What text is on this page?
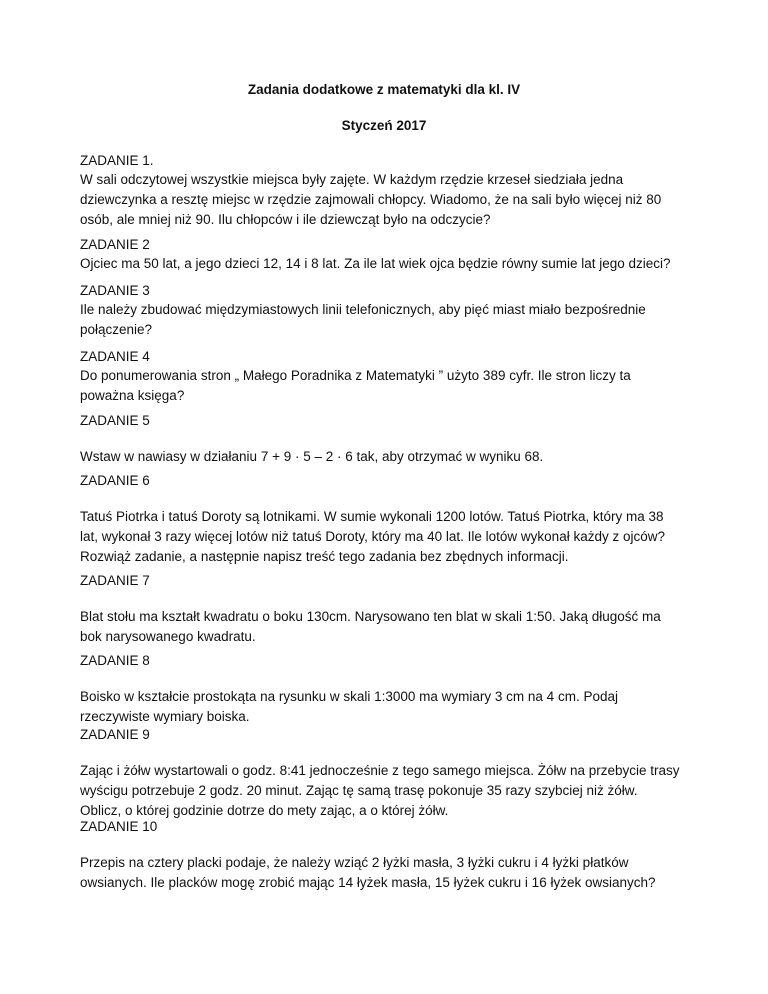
Zadania dodatkowe z matematyki dla kl. IV
Styczeń 2017
ZADANIE 1.
W sali odczytowej wszystkie miejsca były zajęte. W każdym rzędzie krzeseł siedziała jedna dziewczynka a resztę miejsc w rzędzie zajmowali chłopcy. Wiadomo, że na sali było więcej niż 80 osób, ale mniej niż 90. Ilu chłopców i ile dziewcząt było na odczycie?
ZADANIE 2
Ojciec ma 50 lat, a jego dzieci 12, 14 i 8 lat. Za ile lat wiek ojca będzie równy sumie lat jego dzieci?
ZADANIE 3
Ile należy zbudować międzymiastowych linii telefonicznych, aby pięć miast miało bezpośrednie połączenie?
ZADANIE 4
Do ponumerowania stron „ Małego Poradnika z Matematyki ” użyto 389 cyfr. Ile stron liczy ta poważna księga?
ZADANIE 5
Wstaw w nawiasy w działaniu 7 + 9 · 5 – 2 · 6 tak, aby otrzymać w wyniku 68.
ZADANIE 6
Tatuś Piotrka i tatuś Doroty są lotnikami. W sumie wykonali 1200 lotów. Tatuś Piotrka, który ma 38 lat, wykonał 3 razy więcej lotów niż tatuś Doroty, który ma 40 lat. Ile lotów wykonał każdy z ojców? Rozwiąż zadanie, a następnie napisz treść tego zadania bez zbędnych informacji.
ZADANIE 7
Blat stołu ma kształt kwadratu o boku 130cm. Narysowano ten blat w skali 1:50. Jaką długość ma bok narysowanego kwadratu.
ZADANIE 8
Boisko w kształcie prostokąta na rysunku w skali 1:3000 ma wymiary 3 cm na 4 cm. Podaj rzeczywiste wymiary boiska.
ZADANIE 9
Zając i żółw wystartowali o godz. 8:41 jednocześnie z tego samego miejsca. Żółw na przebycie trasy wyścigu potrzebuje 2 godz. 20 minut. Zając tę samą trasę pokonuje 35 razy szybciej niż żółw. Oblicz, o której godzinie dotrze do mety zając, a o której żółw.
ZADANIE 10
Przepis na cztery placki podaje, że należy wziąć 2 łyżki masła, 3 łyżki cukru i 4 łyżki płatków owsianych. Ile placków mogę zrobić mając 14 łyżek masła, 15 łyżek cukru i 16 łyżek owsianych?
